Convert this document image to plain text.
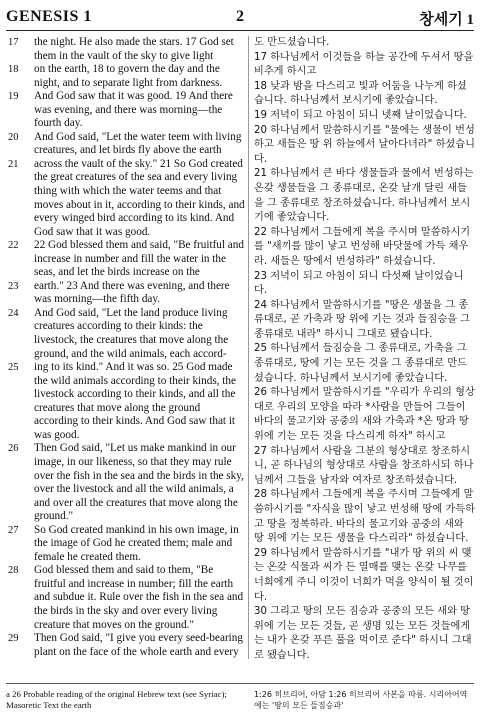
GENESIS 1	2	창세기 1
17	the night. He also made the stars. 17 God set them in the vault of the sky to give light
18	on the earth, 18 to govern the day and the night, and to separate light from darkness.
19	And God saw that it was good. 19 And there was evening, and there was morning—the fourth day.
20	And God said, "Let the water teem with living creatures, and let birds fly above the earth
21	across the vault of the sky." 21 So God created the great creatures of the sea and every living thing with which the water teems and that moves about in it, according to their kinds, and every winged bird according to its kind. And God saw that it was good.
22	22 God blessed them and said, "Be fruitful and increase in number and fill the water in the seas, and let the birds increase on the
23	earth." 23 And there was evening, and there was morning—the fifth day.
24	And God said, "Let the land produce living creatures according to their kinds: the livestock, the creatures that move along the ground, and the wild animals, each accord-
25	ing to its kind." And it was so. 25 God made the wild animals according to their kinds, the livestock according to their kinds, and all the creatures that move along the ground according to their kinds. And God saw that it was good.
26	Then God said, "Let us make mankind in our image, in our likeness, so that they may rule over the fish in the sea and the birds in the sky, over the livestock and all the wild animals, a and over all the creatures that move along the ground."
27	So God created mankind in his own image, in the image of God he created them; male and female he created them.
28	God blessed them and said to them, "Be fruitful and increase in number; fill the earth and subdue it. Rule over the fish in the sea and the birds in the sky and over every living creature that moves on the ground."
29	Then God said, "I give you every seed-bearing plant on the face of the whole earth and every
도 만드셨습니다.
17 하나님께서 이것들을 하늘 공간에 두셔서 땅을 비추게 하시고
18 낮과 밤을 다스리고 빛과 어둠을 나누게 하셨습니다. 하나님께서 보시기에 좋았습니다.
19 저녁이 되고 아침이 되니 넷째 날이었습니다.
20 하나님께서 말씀하시기를 "물에는 생물이 번성하고 새들은 땅 위 하늘에서 날아다녀라" 하셨습니다.
21 하나님께서 큰 바다 생물들과 물에서 번성하는 온갖 생물들을 그 종류대로, 온갖 날개 달린 새들을 그 종류대로 창조하셨습니다. 하나님께서 보시기에 좋았습니다.
22 하나님께서 그들에게 복을 주시며 말씀하시기를 "새끼를 많이 낳고 번성해 바닷물에 가득 채우라. 새들은 땅에서 번성하라" 하셨습니다.
23 저녁이 되고 아침이 되니 다섯째 날이었습니다.
24 하나님께서 말씀하시기를 "땅은 생물을 그 종류대로, 곧 가축과 땅 위에 기는 것과 들짐승을 그 종류대로 내라" 하시니 그대로 됐습니다.
25 하나님께서 들짐승을 그 종류대로, 가축을 그 종류대로, 땅에 기는 모든 것을 그 종류대로 만드셨습니다. 하나님께서 보시기에 좋았습니다.
26 하나님께서 말씀하시기를 "우리가 우리의 형상대로 우리의 모양을 따라 *사람을 만들어 그들이 바다의 물고기와 공중의 새와 가축과 *온 땅과 땅 위에 기는 모든 것을 다스리게 하자" 하시고
27 하나님께서 사람을 그분의 형상대로 창조하시니, 곧 하나님의 형상대로 사람을 창조하시되 하나님께서 그들을 남자와 여자로 창조하셨습니다.
28 하나님께서 그들에게 복을 주시며 그들에게 말씀하시기를 "자식을 많이 낳고 번성해 땅에 가득하고 땅을 정복하라. 바다의 물고기와 공중의 새와 땅 위에 기는 모든 생물을 다스리라" 하셨습니다.
29 하나님께서 말씀하시기를 "내가 땅 위의 씨 맺는 온갖 식물과 씨가 든 열매를 맺는 온갖 나무를 너희에게 주니 이것이 너희가 먹을 양식이 될 것이다.
30 그리고 땅의 모든 짐승과 공중의 모든 새와 땅 위에 기는 모든 것들, 곧 생명 있는 모든 것들에게는 내가 온갖 푸른 풀을 먹이로 준다" 하시니 그대로 됐습니다.
a 26 Probable reading of the original Hebrew text (see Syriac); Masoretic Text the earth
1:26 히브리어, 아담 1:26 히브리어 사본을 따름. 시리아어역에는 '땅의 모든 들짐승과'
